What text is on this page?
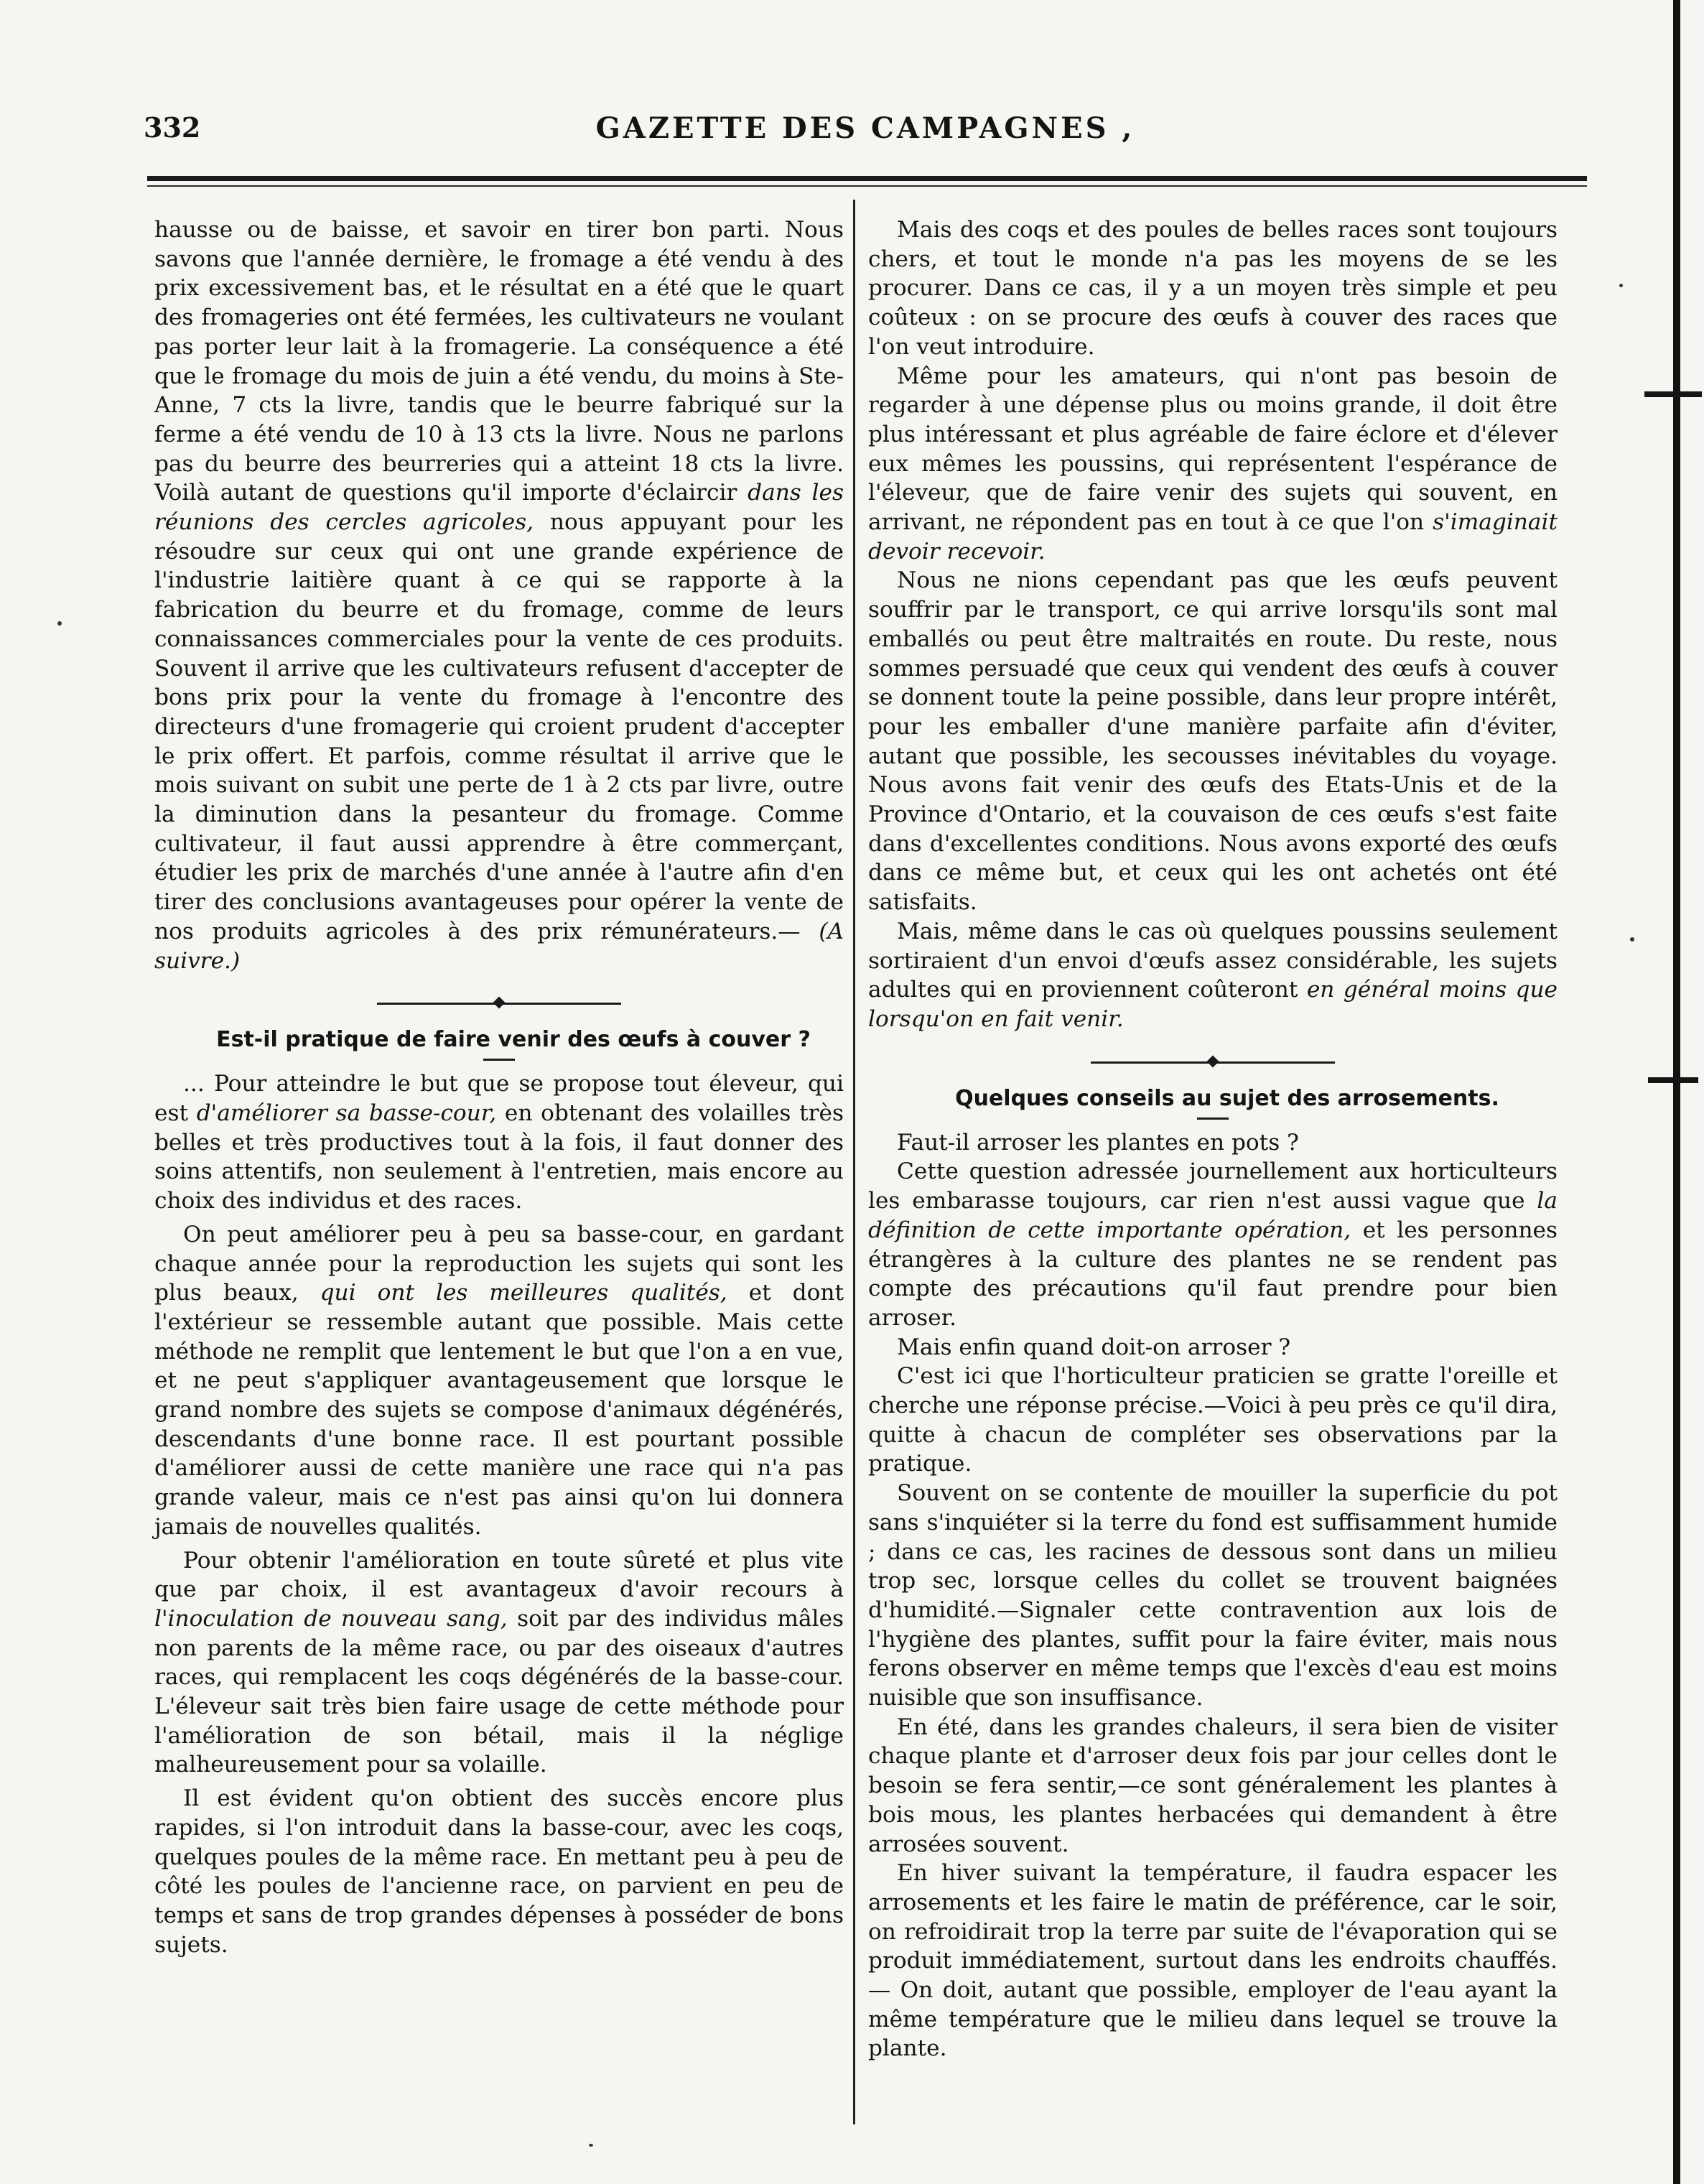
332	GAZETTE DES CAMPAGNES ,

hausse ou de baisse, et savoir en tirer bon parti. Nous savons que l'année dernière, le fromage a été vendu à des prix excessivement bas, et le résultat en a été que le quart des fromageries ont été fermées, les cultivateurs ne voulant pas porter leur lait à la fromagerie. La conséquence a été que le fromage du mois de juin a été vendu, du moins à Ste-Anne, 7 cts la livre, tandis que le beurre fabriqué sur la ferme a été vendu de 10 à 13 cts la livre. Nous ne parlons pas du beurre des beurreries qui a atteint 18 cts la livre. Voilà autant de questions qu'il importe d'éclaircir dans les réunions des cercles agricoles, nous appuyant pour les résoudre sur ceux qui ont une grande expérience de l'industrie laitière quant à ce qui se rapporte à la fabrication du beurre et du fromage, comme de leurs connaissances commerciales pour la vente de ces produits. Souvent il arrive que les cultivateurs refusent d'accepter de bons prix pour la vente du fromage à l'encontre des directeurs d'une fromagerie qui croient prudent d'accepter le prix offert. Et parfois, comme résultat il arrive que le mois suivant on subit une perte de 1 à 2 cts par livre, outre la diminution dans la pesanteur du fromage. Comme cultivateur, il faut aussi apprendre à être commerçant, étudier les prix de marchés d'une année à l'autre afin d'en tirer des conclusions avantageuses pour opérer la vente de nos produits agricoles à des prix rémunérateurs.— (A suivre.)

Est-il pratique de faire venir des œufs à couver ?

... Pour atteindre le but que se propose tout éleveur, qui est d'améliorer sa basse-cour, en obtenant des volailles très belles et très productives tout à la fois, il faut donner des soins attentifs, non seulement à l'entretien, mais encore au choix des individus et des races.

On peut améliorer peu à peu sa basse-cour, en gardant chaque année pour la reproduction les sujets qui sont les plus beaux, qui ont les meilleures qualités, et dont l'extérieur se ressemble autant que possible. Mais cette méthode ne remplit que lentement le but que l'on a en vue, et ne peut s'appliquer avantageusement que lorsque le grand nombre des sujets se compose d'animaux dégénérés, descendants d'une bonne race. Il est pourtant possible d'améliorer aussi de cette manière une race qui n'a pas grande valeur, mais ce n'est pas ainsi qu'on lui donnera jamais de nouvelles qualités.

Pour obtenir l'amélioration en toute sûreté et plus vite que par choix, il est avantageux d'avoir recours à l'inoculation de nouveau sang, soit par des individus mâles non parents de la même race, ou par des oiseaux d'autres races, qui remplacent les coqs dégénérés de la basse-cour. L'éleveur sait très bien faire usage de cette méthode pour l'amélioration de son bétail, mais il la néglige malheureusement pour sa volaille.

Il est évident qu'on obtient des succès encore plus rapides, si l'on introduit dans la basse-cour, avec les coqs, quelques poules de la même race. En mettant peu à peu de côté les poules de l'ancienne race, on parvient en peu de temps et sans de trop grandes dépenses à posséder de bons sujets.

Mais des coqs et des poules de belles races sont toujours chers, et tout le monde n'a pas les moyens de se les procurer. Dans ce cas, il y a un moyen très simple et peu coûteux : on se procure des œufs à couver des races que l'on veut introduire.

Même pour les amateurs, qui n'ont pas besoin de regarder à une dépense plus ou moins grande, il doit être plus intéressant et plus agréable de faire éclore et d'élever eux mêmes les poussins, qui représentent l'espérance de l'éleveur, que de faire venir des sujets qui souvent, en arrivant, ne répondent pas en tout à ce que l'on s'imaginait devoir recevoir.

Nous ne nions cependant pas que les œufs peuvent souffrir par le transport, ce qui arrive lorsqu'ils sont mal emballés ou peut être maltraités en route. Du reste, nous sommes persuadé que ceux qui vendent des œufs à couver se donnent toute la peine possible, dans leur propre intérêt, pour les emballer d'une manière parfaite afin d'éviter, autant que possible, les secousses inévitables du voyage. Nous avons fait venir des œufs des Etats-Unis et de la Province d'Ontario, et la couvaison de ces œufs s'est faite dans d'excellentes conditions. Nous avons exporté des œufs dans ce même but, et ceux qui les ont achetés ont été satisfaits.

Mais, même dans le cas où quelques poussins seulement sortiraient d'un envoi d'œufs assez considérable, les sujets adultes qui en proviennent coûteront en général moins que lorsqu'on en fait venir.

Quelques conseils au sujet des arrosements.

Faut-il arroser les plantes en pots ?

Cette question adressée journellement aux horticulteurs les embarasse toujours, car rien n'est aussi vague que la définition de cette importante opération, et les personnes étrangères à la culture des plantes ne se rendent pas compte des précautions qu'il faut prendre pour bien arroser.

Mais enfin quand doit-on arroser ?

C'est ici que l'horticulteur praticien se gratte l'oreille et cherche une réponse précise.—Voici à peu près ce qu'il dira, quitte à chacun de compléter ses observations par la pratique.

Souvent on se contente de mouiller la superficie du pot sans s'inquiéter si la terre du fond est suffisamment humide ; dans ce cas, les racines de dessous sont dans un milieu trop sec, lorsque celles du collet se trouvent baignées d'humidité.—Signaler cette contravention aux lois de l'hygiène des plantes, suffit pour la faire éviter, mais nous ferons observer en même temps que l'excès d'eau est moins nuisible que son insuffisance.

En été, dans les grandes chaleurs, il sera bien de visiter chaque plante et d'arroser deux fois par jour celles dont le besoin se fera sentir,—ce sont généralement les plantes à bois mous, les plantes herbacées qui demandent à être arrosées souvent.

En hiver suivant la température, il faudra espacer les arrosements et les faire le matin de préférence, car le soir, on refroidirait trop la terre par suite de l'évaporation qui se produit immédiatement, surtout dans les endroits chauffés.— On doit, autant que possible, employer de l'eau ayant la même température que le milieu dans lequel se trouve la plante.
